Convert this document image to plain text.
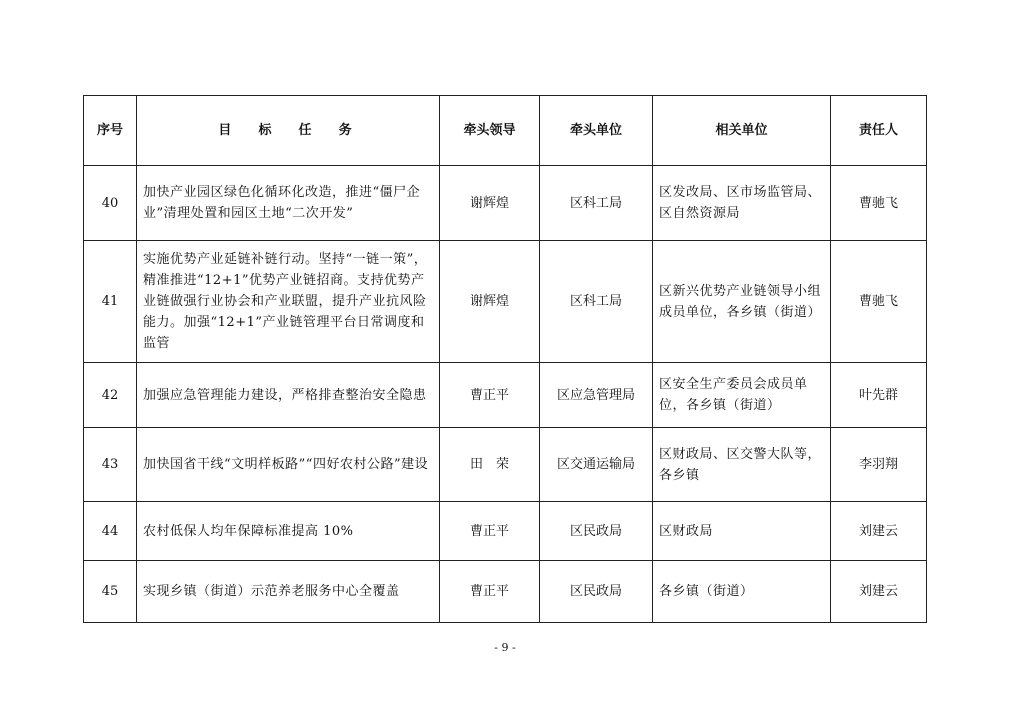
序号	目  标  任  务	牵头领导	牵头单位	相关单位	责任人
40	加快产业园区绿色化循环化改造，推进“僵尸企业”清理处置和园区土地“二次开发”	谢辉煌	区科工局	区发改局、区市场监管局、区自然资源局	曹驰飞
41	实施优势产业延链补链行动。坚持“一链一策”，精准推进“12+1”优势产业链招商。支持优势产业链做强行业协会和产业联盟，提升产业抗风险能力。加强“12+1”产业链管理平台日常调度和监管	谢辉煌	区科工局	区新兴优势产业链领导小组成员单位，各乡镇（街道）	曹驰飞
42	加强应急管理能力建设，严格排查整治安全隐患	曹正平	区应急管理局	区安全生产委员会成员单位，各乡镇（街道）	叶先群
43	加快国省干线“文明样板路”“四好农村公路”建设	田　荣	区交通运输局	区财政局、区交警大队等，各乡镇	李羽翔
44	农村低保人均年保障标准提高 10%	曹正平	区民政局	区财政局	刘建云
45	实现乡镇（街道）示范养老服务中心全覆盖	曹正平	区民政局	各乡镇（街道）	刘建云
- 9 -
